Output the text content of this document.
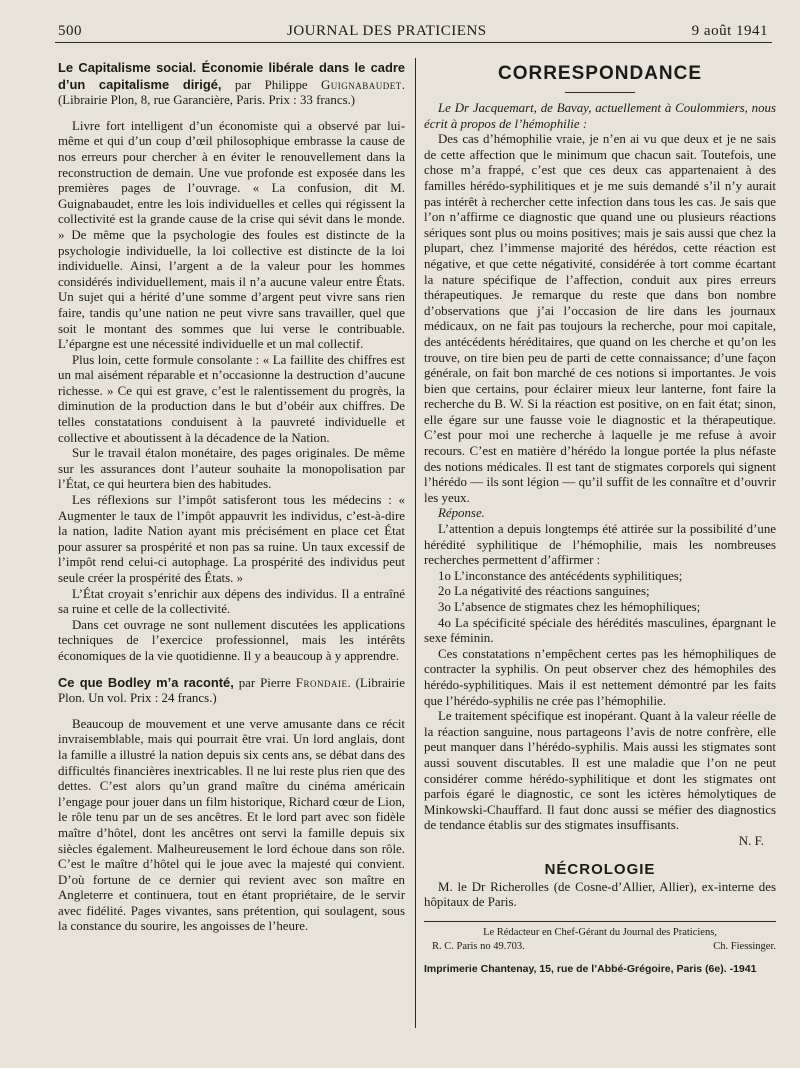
500	JOURNAL DES PRATICIENS	9 août 1941

Le Capitalisme social. Économie libérale dans le cadre d’un capitalisme dirigé, par Philippe Guignabaudet. (Librairie Plon, 8, rue Garancière, Paris. Prix : 33 francs.)

Livre fort intelligent d’un économiste qui a observé par lui-même et qui d’un coup d’œil philosophique embrasse la cause de nos erreurs pour chercher à en éviter le renouvellement dans la reconstruction de demain. Une vue profonde est exposée dans les premières pages de l’ouvrage. « La confusion, dit M. Guignabaudet, entre les lois individuelles et celles qui régissent la collectivité est la grande cause de la crise qui sévit dans le monde. » De même que la psychologie des foules est distincte de la psychologie individuelle, la loi collective est distincte de la loi individuelle. Ainsi, l’argent a de la valeur pour les hommes considérés individuellement, mais il n’a aucune valeur entre États. Un sujet qui a hérité d’une somme d’argent peut vivre sans rien faire, tandis qu’une nation ne peut vivre sans travailler, quel que soit le montant des sommes que lui verse le contribuable. L’épargne est une nécessité individuelle et un mal collectif.

Plus loin, cette formule consolante : « La faillite des chiffres est un mal aisément réparable et n’occasionne la destruction d’aucune richesse. » Ce qui est grave, c’est le ralentissement du progrès, la diminution de la production dans le but d’obéir aux chiffres. De telles constatations conduisent à la pauvreté individuelle et collective et aboutissent à la décadence de la Nation.

Sur le travail étalon monétaire, des pages originales. De même sur les assurances dont l’auteur souhaite la monopolisation par l’État, ce qui heurtera bien des habitudes.

Les réflexions sur l’impôt satisferont tous les médecins : « Augmenter le taux de l’impôt appauvrit les individus, c’est-à-dire la nation, ladite Nation ayant mis précisément en place cet État pour assurer sa prospérité et non pas sa ruine. Un taux excessif de l’impôt rend celui-ci autophage. La prospérité des individus peut seule créer la prospérité des États. »

L’État croyait s’enrichir aux dépens des individus. Il a entraîné sa ruine et celle de la collectivité.

Dans cet ouvrage ne sont nullement discutées les applications techniques de l’exercice professionnel, mais les intérêts économiques de la vie quotidienne. Il y a beaucoup à y apprendre.

Ce que Bodley m’a raconté, par Pierre Frondaie. (Librairie Plon. Un vol. Prix : 24 francs.)

Beaucoup de mouvement et une verve amusante dans ce récit invraisemblable, mais qui pourrait être vrai. Un lord anglais, dont la famille a illustré la nation depuis six cents ans, se débat dans des difficultés financières inextricables. Il ne lui reste plus rien que des dettes. C’est alors qu’un grand maître du cinéma américain l’engage pour jouer dans un film historique, Richard cœur de Lion, le rôle tenu par un de ses ancêtres. Et le lord part avec son fidèle maître d’hôtel, dont les ancêtres ont servi la famille depuis six siècles également. Malheureusement le lord échoue dans son rôle. C’est le maître d’hôtel qui le joue avec la majesté qui convient. D’où fortune de ce dernier qui revient avec son maître en Angleterre et continuera, tout en étant propriétaire, de le servir avec fidélité. Pages vivantes, sans prétention, qui soulagent, sous la constance du sourire, les angoisses de l’heure.

CORRESPONDANCE

Le Dr Jacquemart, de Bavay, actuellement à Coulommiers, nous écrit à propos de l’hémophilie :

Des cas d’hémophilie vraie, je n’en ai vu que deux et je ne sais de cette affection que le minimum que chacun sait. Toutefois, une chose m’a frappé, c’est que ces deux cas appartenaient à des familles hérédo-syphilitiques et je me suis demandé s’il n’y aurait pas intérêt à rechercher cette infection dans tous les cas. Je sais que l’on n’affirme ce diagnostic que quand une ou plusieurs réactions sériques sont plus ou moins positives; mais je sais aussi que chez la plupart, chez l’immense majorité des hérédos, cette réaction est négative, et que cette négativité, considérée à tort comme écartant la nature spécifique de l’affection, conduit aux pires erreurs thérapeutiques. Je remarque du reste que dans bon nombre d’observations que j’ai l’occasion de lire dans les journaux médicaux, on ne fait pas toujours la recherche, pour moi capitale, des antécédents héréditaires, que quand on les cherche et qu’on les trouve, on tire bien peu de parti de cette connaissance; d’une façon générale, on fait bon marché de ces notions si importantes. Je vois bien que certains, pour éclairer mieux leur lanterne, font faire la recherche du B. W. Si la réaction est positive, on en fait état; sinon, elle égare sur une fausse voie le diagnostic et la thérapeutique. C’est pour moi une recherche à laquelle je me refuse à avoir recours. C’est en matière d’hérédo la longue portée la plus néfaste des notions médicales. Il est tant de stigmates corporels qui signent l’hérédo — ils sont légion — qu’il suffit de les connaître et d’ouvrir les yeux.

Réponse.

L’attention a depuis longtemps été attirée sur la possibilité d’une hérédité syphilitique de l’hémophilie, mais les nombreuses recherches permettent d’affirmer :

1o L’inconstance des antécédents syphilitiques;

2o La négativité des réactions sanguines;

3o L’absence de stigmates chez les hémophiliques;

4o La spécificité spéciale des hérédités masculines, épargnant le sexe féminin.

Ces constatations n’empêchent certes pas les hémophiliques de contracter la syphilis. On peut observer chez des hémophiles des hérédo-syphilitiques. Mais il est nettement démontré par les faits que l’hérédo-syphilis ne crée pas l’hémophilie.

Le traitement spécifique est inopérant. Quant à la valeur réelle de la réaction sanguine, nous partageons l’avis de notre confrère, elle peut manquer dans l’hérédo-syphilis. Mais aussi les stigmates sont aussi souvent discutables. Il est une maladie que l’on ne peut considérer comme hérédo-syphilitique et dont les stigmates ont parfois égaré le diagnostic, ce sont les ictères hémolytiques de Minkowski-Chauffard. Il faut donc aussi se méfier des diagnostics de tendance établis sur des stigmates insuffisants.

N. F.

NÉCROLOGIE

M. le Dr Richerolles (de Cosne-d’Allier, Allier), ex-interne des hôpitaux de Paris.

Le Rédacteur en Chef-Gérant du Journal des Praticiens,
R. C. Paris no 49.703.	Ch. Fiessinger.
Imprimerie Chantenay, 15, rue de l’Abbé-Grégoire, Paris (6e). -1941
